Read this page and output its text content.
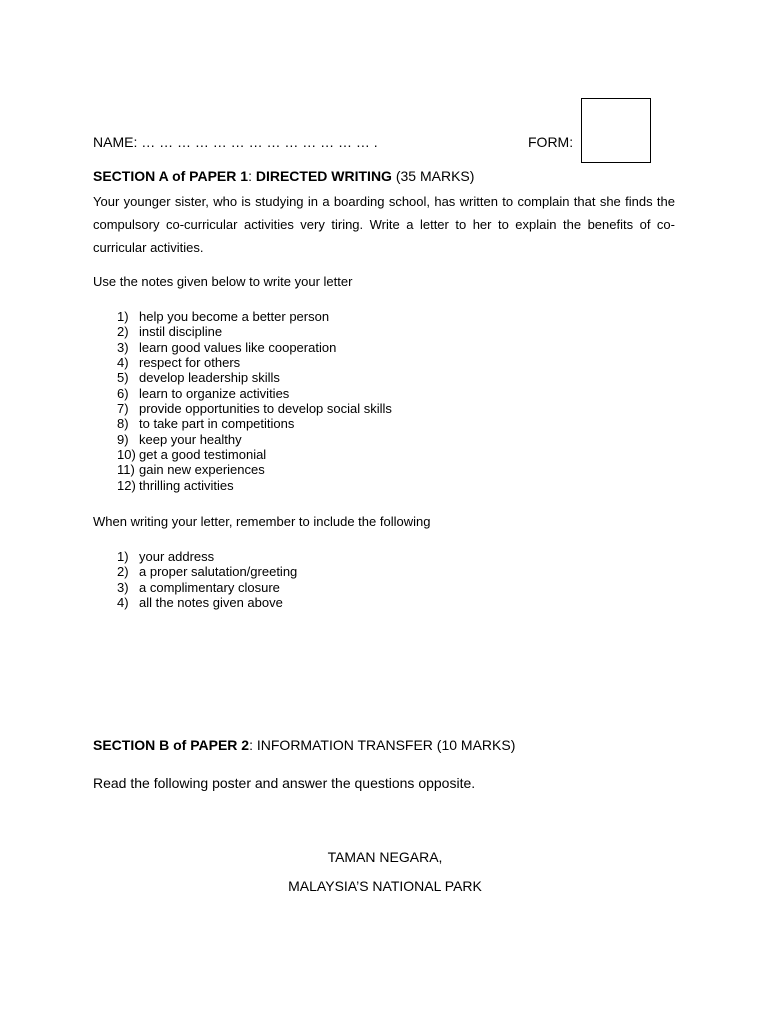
NAME: … … … … … … … … … … … … … .	FORM:
SECTION A of PAPER 1: DIRECTED WRITING (35 MARKS)
Your younger sister, who is studying in a boarding school, has written to complain that she finds the compulsory co-curricular activities very tiring. Write a letter to her to explain the benefits of co-curricular activities.
Use the notes given below to write your letter
1) help you become a better person
2) instil discipline
3) learn good values like cooperation
4) respect for others
5) develop leadership skills
6) learn to organize activities
7) provide opportunities to develop social skills
8) to take part in competitions
9) keep your healthy
10) get a good testimonial
11) gain new experiences
12) thrilling activities
When writing your letter, remember to include the following
1) your address
2) a proper salutation/greeting
3) a complimentary closure
4) all the notes given above
SECTION B of PAPER 2: INFORMATION TRANSFER (10 MARKS)
Read the following poster and answer the questions opposite.
TAMAN NEGARA,
MALAYSIA’S NATIONAL PARK
